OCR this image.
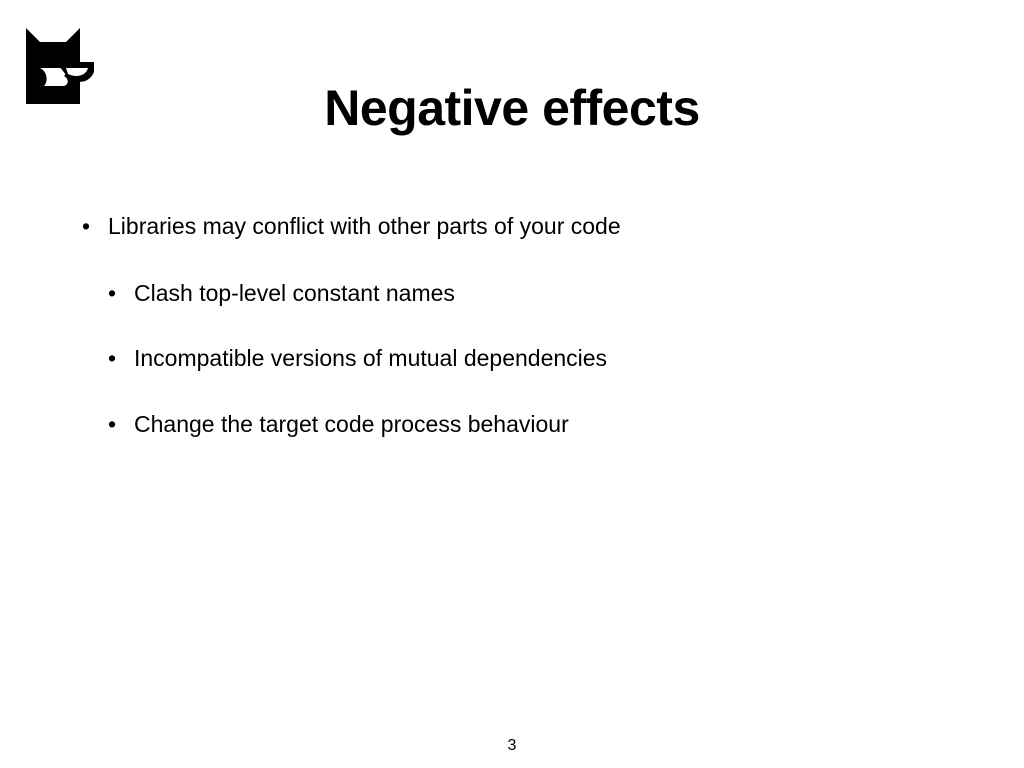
Negative effects
• Libraries may conflict with other parts of your code
• Clash top-level constant names
• Incompatible versions of mutual dependencies
• Change the target code process behaviour
3
